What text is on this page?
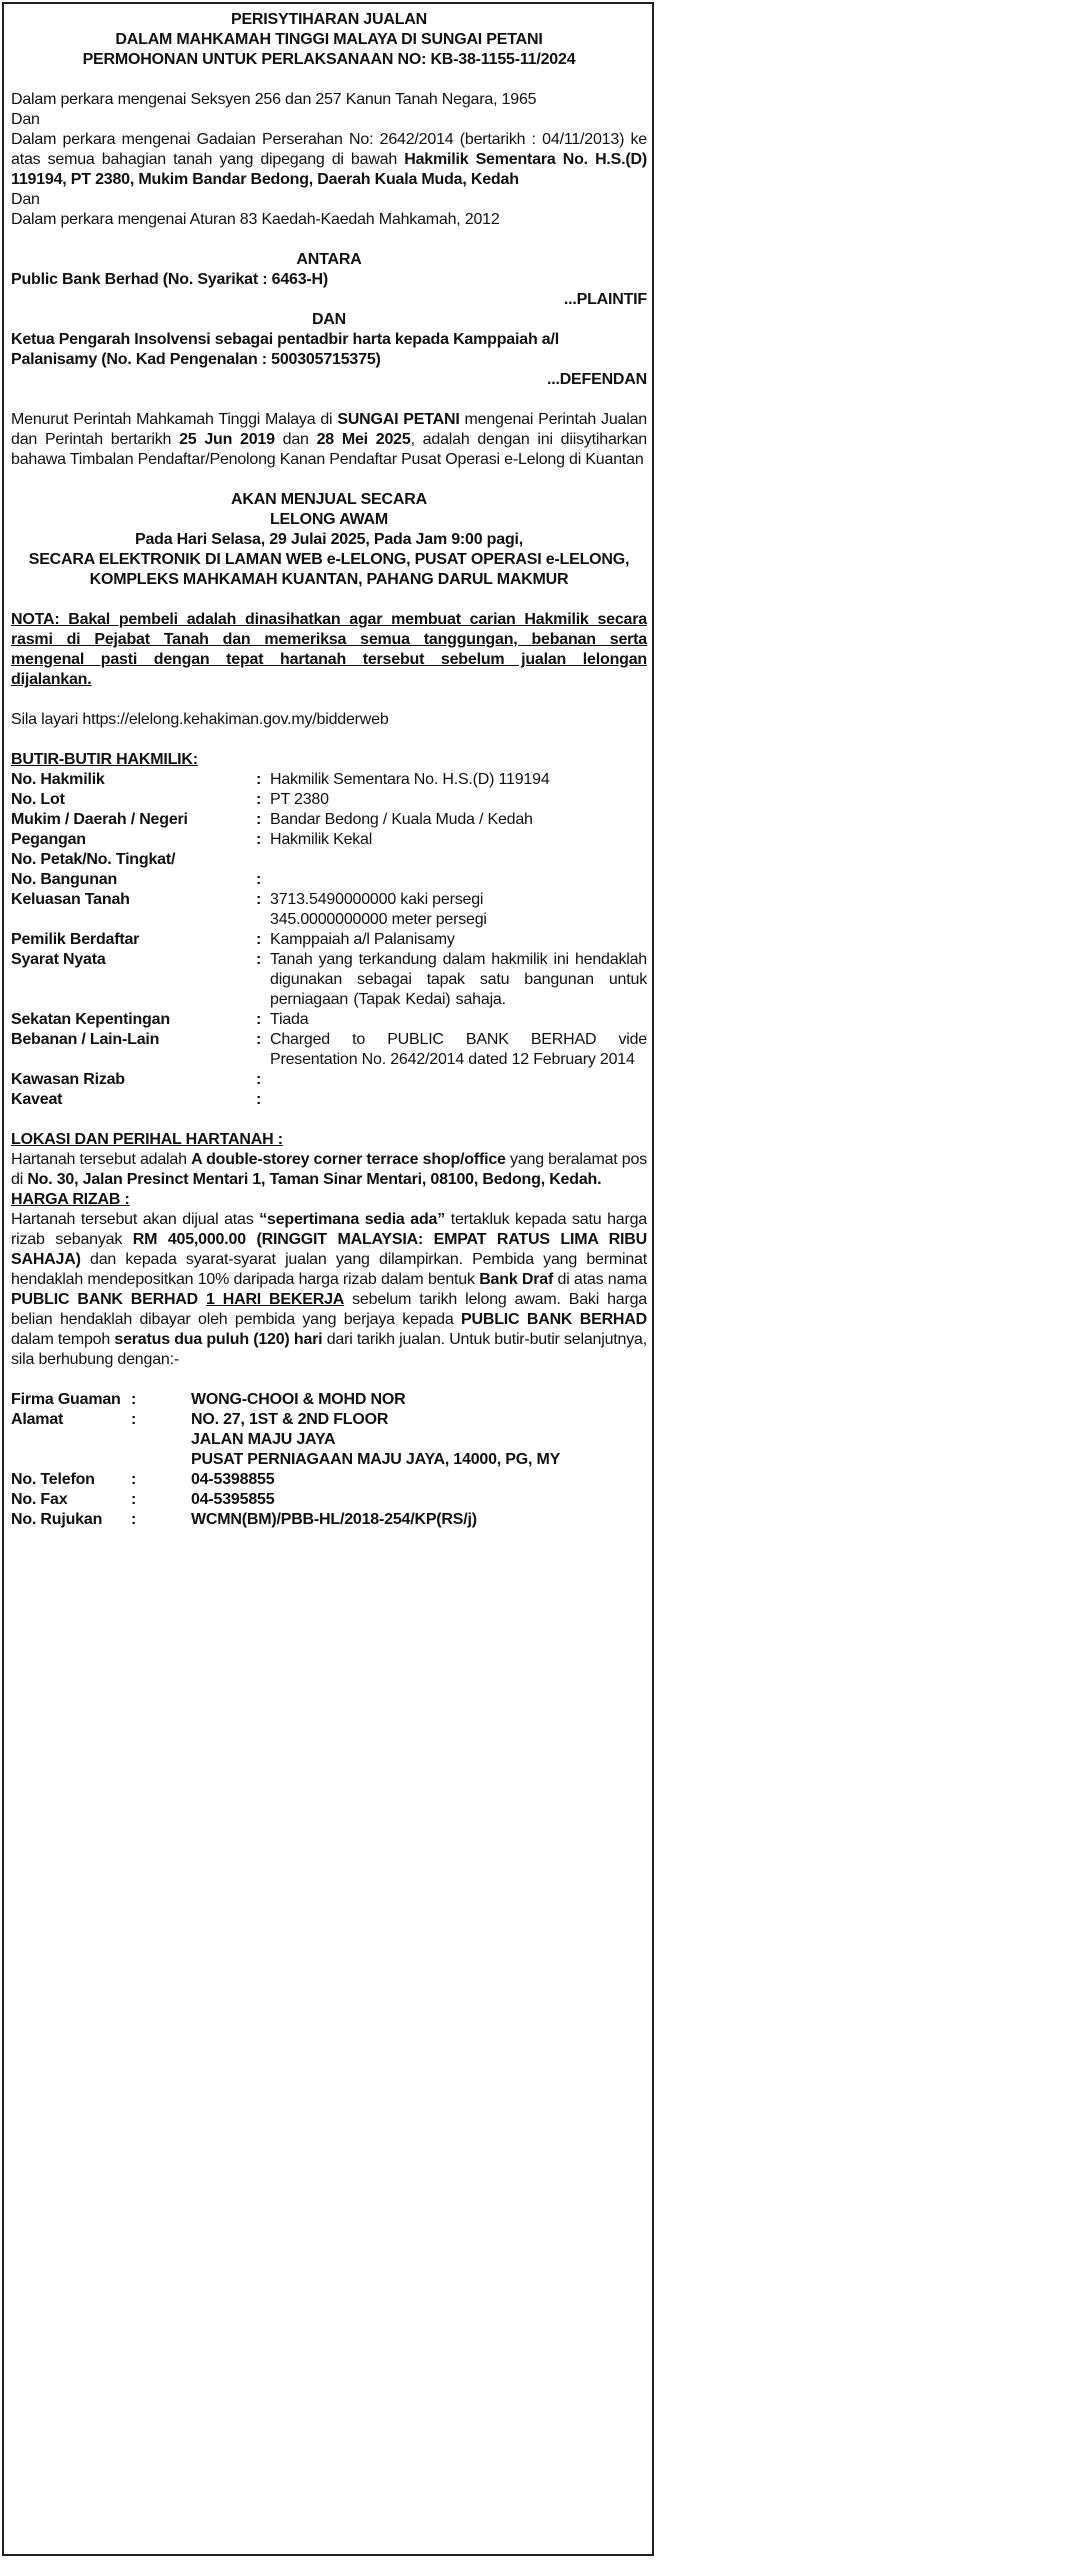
PERISYTIHARAN JUALAN
DALAM MAHKAMAH TINGGI MALAYA DI SUNGAI PETANI
PERMOHONAN UNTUK PERLAKSANAAN NO: KB-38-1155-11/2024
Dalam perkara mengenai Seksyen 256 dan 257 Kanun Tanah Negara, 1965
Dan
Dalam perkara mengenai Gadaian Perserahan No: 2642/2014 (bertarikh : 04/11/2013) ke atas semua bahagian tanah yang dipegang di bawah Hakmilik Sementara No. H.S.(D) 119194, PT 2380, Mukim Bandar Bedong, Daerah Kuala Muda, Kedah
Dan
Dalam perkara mengenai Aturan 83 Kaedah-Kaedah Mahkamah, 2012
ANTARA
Public Bank Berhad (No. Syarikat : 6463-H)
...PLAINTIF
DAN
Ketua Pengarah Insolvensi sebagai pentadbir harta kepada Kamppaiah a/l Palanisamy (No. Kad Pengenalan : 500305715375)
...DEFENDAN
Menurut Perintah Mahkamah Tinggi Malaya di SUNGAI PETANI mengenai Perintah Jualan dan Perintah bertarikh 25 Jun 2019 dan 28 Mei 2025, adalah dengan ini diisytiharkan bahawa Timbalan Pendaftar/Penolong Kanan Pendaftar Pusat Operasi e-Lelong di Kuantan
AKAN MENJUAL SECARA
LELONG AWAM
Pada Hari Selasa, 29 Julai 2025, Pada Jam 9:00 pagi,
SECARA ELEKTRONIK DI LAMAN WEB e-LELONG, PUSAT OPERASI e-LELONG,
KOMPLEKS MAHKAMAH KUANTAN, PAHANG DARUL MAKMUR
NOTA: Bakal pembeli adalah dinasihatkan agar membuat carian Hakmilik secara rasmi di Pejabat Tanah dan memeriksa semua tanggungan, bebanan serta mengenal pasti dengan tepat hartanah tersebut sebelum jualan lelongan dijalankan.
Sila layari https://elelong.kehakiman.gov.my/bidderweb
BUTIR-BUTIR HAKMILIK:
No. Hakmilik	: Hakmilik Sementara No. H.S.(D) 119194
No. Lot	: PT 2380
Mukim / Daerah / Negeri	: Bandar Bedong / Kuala Muda / Kedah
Pegangan	: Hakmilik Kekal
No. Petak/No. Tingkat/
No. Bangunan	:
Keluasan Tanah	: 3713.5490000000 kaki persegi
345.0000000000 meter persegi
Pemilik Berdaftar	: Kamppaiah a/l Palanisamy
Syarat Nyata	: Tanah yang terkandung dalam hakmilik ini hendaklah digunakan sebagai tapak satu bangunan untuk perniagaan (Tapak Kedai) sahaja.
Sekatan Kepentingan	: Tiada
Bebanan / Lain-Lain	: Charged to PUBLIC BANK BERHAD vide Presentation No. 2642/2014 dated 12 February 2014
Kawasan Rizab	:
Kaveat	:
LOKASI DAN PERIHAL HARTANAH :
Hartanah tersebut adalah A double-storey corner terrace shop/office yang beralamat pos di No. 30, Jalan Presinct Mentari 1, Taman Sinar Mentari, 08100, Bedong, Kedah.
HARGA RIZAB :
Hartanah tersebut akan dijual atas “sepertimana sedia ada” tertakluk kepada satu harga rizab sebanyak RM 405,000.00 (RINGGIT MALAYSIA: EMPAT RATUS LIMA RIBU SAHAJA) dan kepada syarat-syarat jualan yang dilampirkan. Pembida yang berminat hendaklah mendepositkan 10% daripada harga rizab dalam bentuk Bank Draf di atas nama PUBLIC BANK BERHAD 1 HARI BEKERJA sebelum tarikh lelong awam. Baki harga belian hendaklah dibayar oleh pembida yang berjaya kepada PUBLIC BANK BERHAD dalam tempoh seratus dua puluh (120) hari dari tarikh jualan. Untuk butir-butir selanjutnya, sila berhubung dengan:-
Firma Guaman :	WONG-CHOOI & MOHD NOR
Alamat	:	NO. 27, 1ST & 2ND FLOOR
JALAN MAJU JAYA
PUSAT PERNIAGAAN MAJU JAYA, 14000, PG, MY
No. Telefon	:	04-5398855
No. Fax	:	04-5395855
No. Rujukan	:	WCMN(BM)/PBB-HL/2018-254/KP(RS/j)
